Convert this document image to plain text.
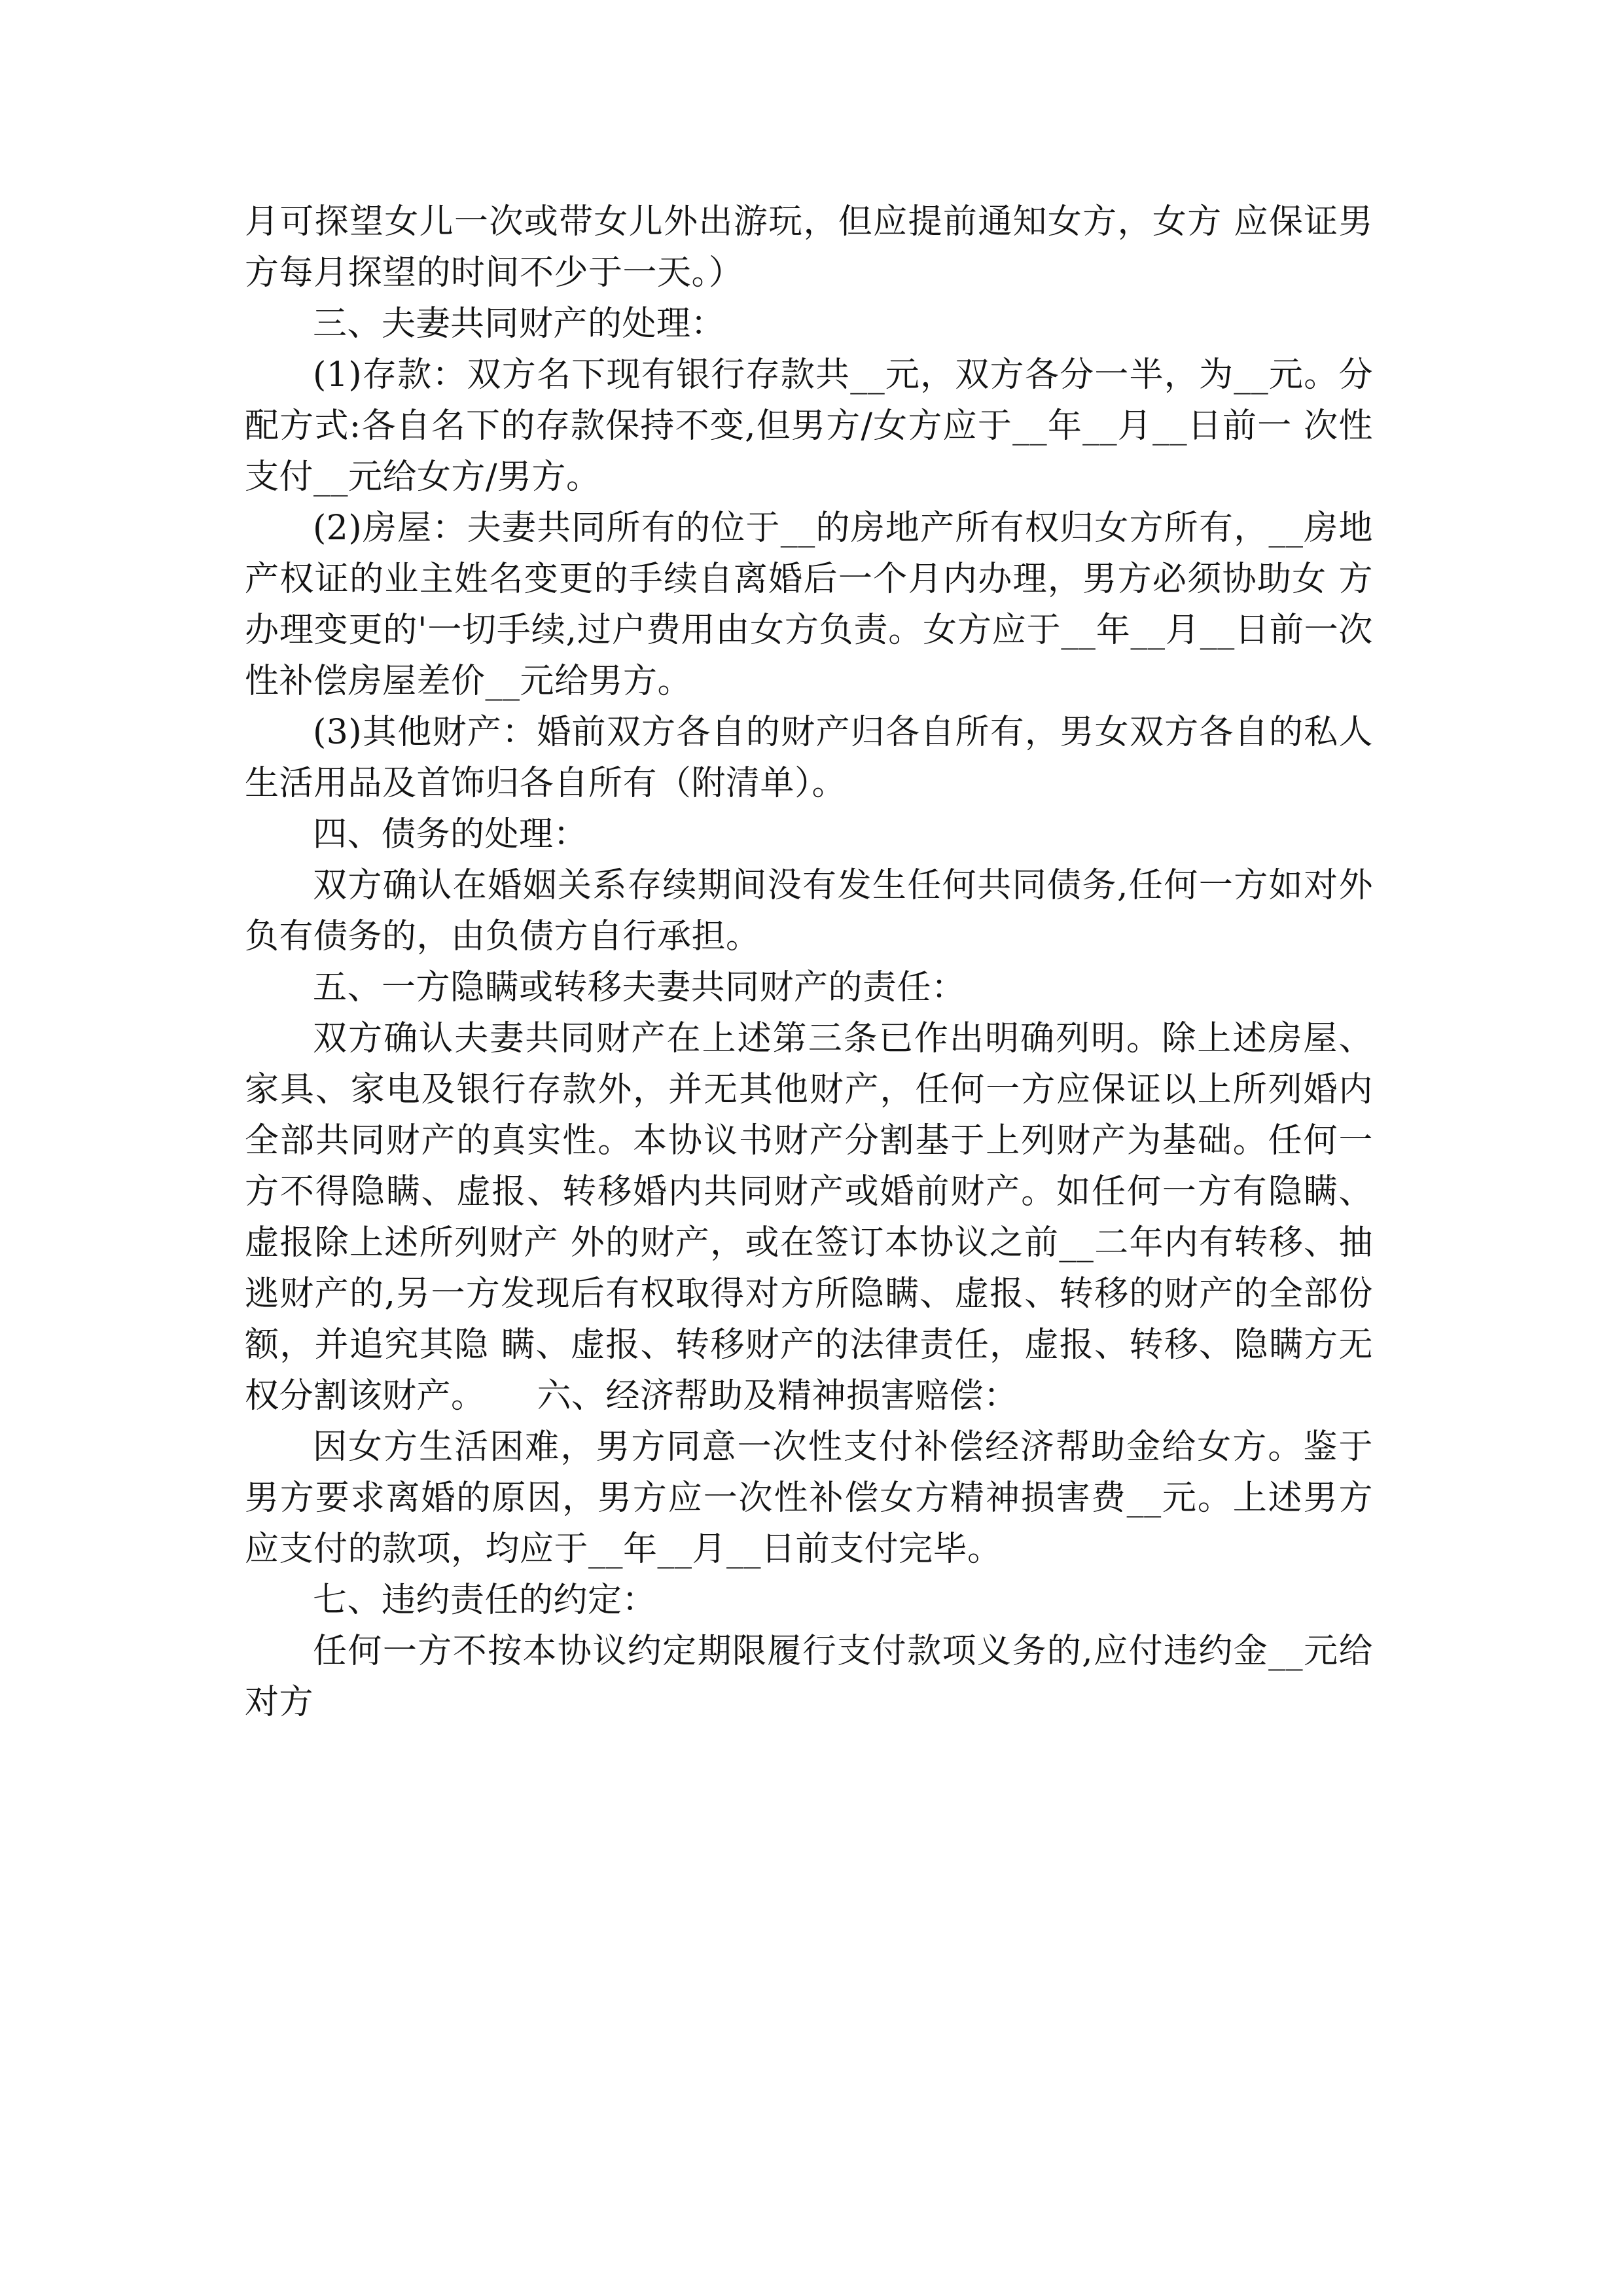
月可探望女儿一次或带女儿外出游玩，但应提前通知女方，女方 应保证男方每月探望的时间不少于一天。）

三、夫妻共同财产的处理：

(1)存款：双方名下现有银行存款共__元，双方各分一半，为__元。分配方式:各自名下的存款保持不变,但男方/女方应于__年__月__日前一 次性支付__元给女方/男方。

(2)房屋：夫妻共同所有的位于__的房地产所有权归女方所有，__房地产权证的业主姓名变更的手续自离婚后一个月内办理，男方必须协助女 方办理变更的'一切手续,过户费用由女方负责。女方应于__年__月__日前一次性补偿房屋差价__元给男方。

(3)其他财产：婚前双方各自的财产归各自所有，男女双方各自的私人生活用品及首饰归各自所有（附清单）。

四、债务的处理：

双方确认在婚姻关系存续期间没有发生任何共同债务,任何一方如对外负有债务的，由负债方自行承担。

五、一方隐瞒或转移夫妻共同财产的责任：

双方确认夫妻共同财产在上述第三条已作出明确列明。除上述房屋、家具、家电及银行存款外，并无其他财产，任何一方应保证以上所列婚内 全部共同财产的真实性。本协议书财产分割基于上列财产为基础。任何一方不得隐瞒、虚报、转移婚内共同财产或婚前财产。如任何一方有隐瞒、虚报除上述所列财产 外的财产，或在签订本协议之前__二年内有转移、抽逃财产的,另一方发现后有权取得对方所隐瞒、虚报、转移的财产的全部份额，并追究其隐 瞒、虚报、转移财产的法律责任，虚报、转移、隐瞒方无权分割该财产。　　六、经济帮助及精神损害赔偿：

因女方生活困难，男方同意一次性支付补偿经济帮助金给女方。鉴于男方要求离婚的原因，男方应一次性补偿女方精神损害费__元。上述男方 应支付的款项，均应于__年__月__日前支付完毕。

七、违约责任的约定：

任何一方不按本协议约定期限履行支付款项义务的,应付违约金__元给对方
